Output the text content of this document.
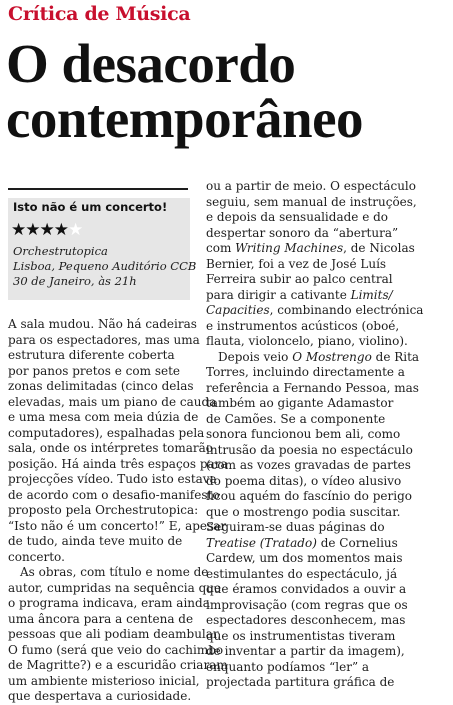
Crítica de Música
O desacordo
contemporâneo
Isto não é um concerto!
★★★★★
Orchestrutopica
Lisboa, Pequeno Auditório CCB
30 de Janeiro, às 21h

A sala mudou. Não há cadeiras

para os espectadores, mas uma

estrutura diferente coberta

por panos pretos e com sete

zonas delimitadas (cinco delas

elevadas, mais um piano de cauda

e uma mesa com meia dúzia de

computadores), espalhadas pela

sala, onde os intérpretes tomarão

posição. Há ainda três espaços para

projecções vídeo. Tudo isto estava

de acordo com o desafio-manifesto

proposto pela Orchestrutopica:

“Isto não é um concerto!” E, apesar

de tudo, ainda teve muito de

concerto.

As obras, com título e nome de

autor, cumpridas na sequência que

o programa indicava, eram ainda

uma âncora para a centena de

pessoas que ali podiam deambular.

O fumo (será que veio do cachimbo

de Magritte?) e a escuridão criaram

um ambiente misterioso inicial,

que despertava a curiosidade.

ou a partir de meio. O espectáculo

seguiu, sem manual de instruções,

e depois da sensualidade e do

despertar sonoro da “abertura”

com Writing Machines, de Nicolas

Bernier, foi a vez de José Luís

Ferreira subir ao palco central

para dirigir a cativante Limits/

Capacities, combinando electrónica

e instrumentos acústicos (oboé,

flauta, violoncelo, piano, violino).

Depois veio O Mostrengo de Rita

Torres, incluindo directamente a

referência a Fernando Pessoa, mas

também ao gigante Adamastor

de Camões. Se a componente

sonora funcionou bem ali, como

intrusão da poesia no espectáculo

(com as vozes gravadas de partes

do poema ditas), o vídeo alusivo

ficou aquém do fascínio do perigo

que o mostrengo podia suscitar.

Seguiram-se duas páginas do

Treatise (Tratado) de Cornelius

Cardew, um dos momentos mais

estimulantes do espectáculo, já

que éramos convidados a ouvir a

improvisação (com regras que os

espectadores desconhecem, mas

que os instrumentistas tiveram

de inventar a partir da imagem),

enquanto podíamos “ler” a

projectada partitura gráfica de
